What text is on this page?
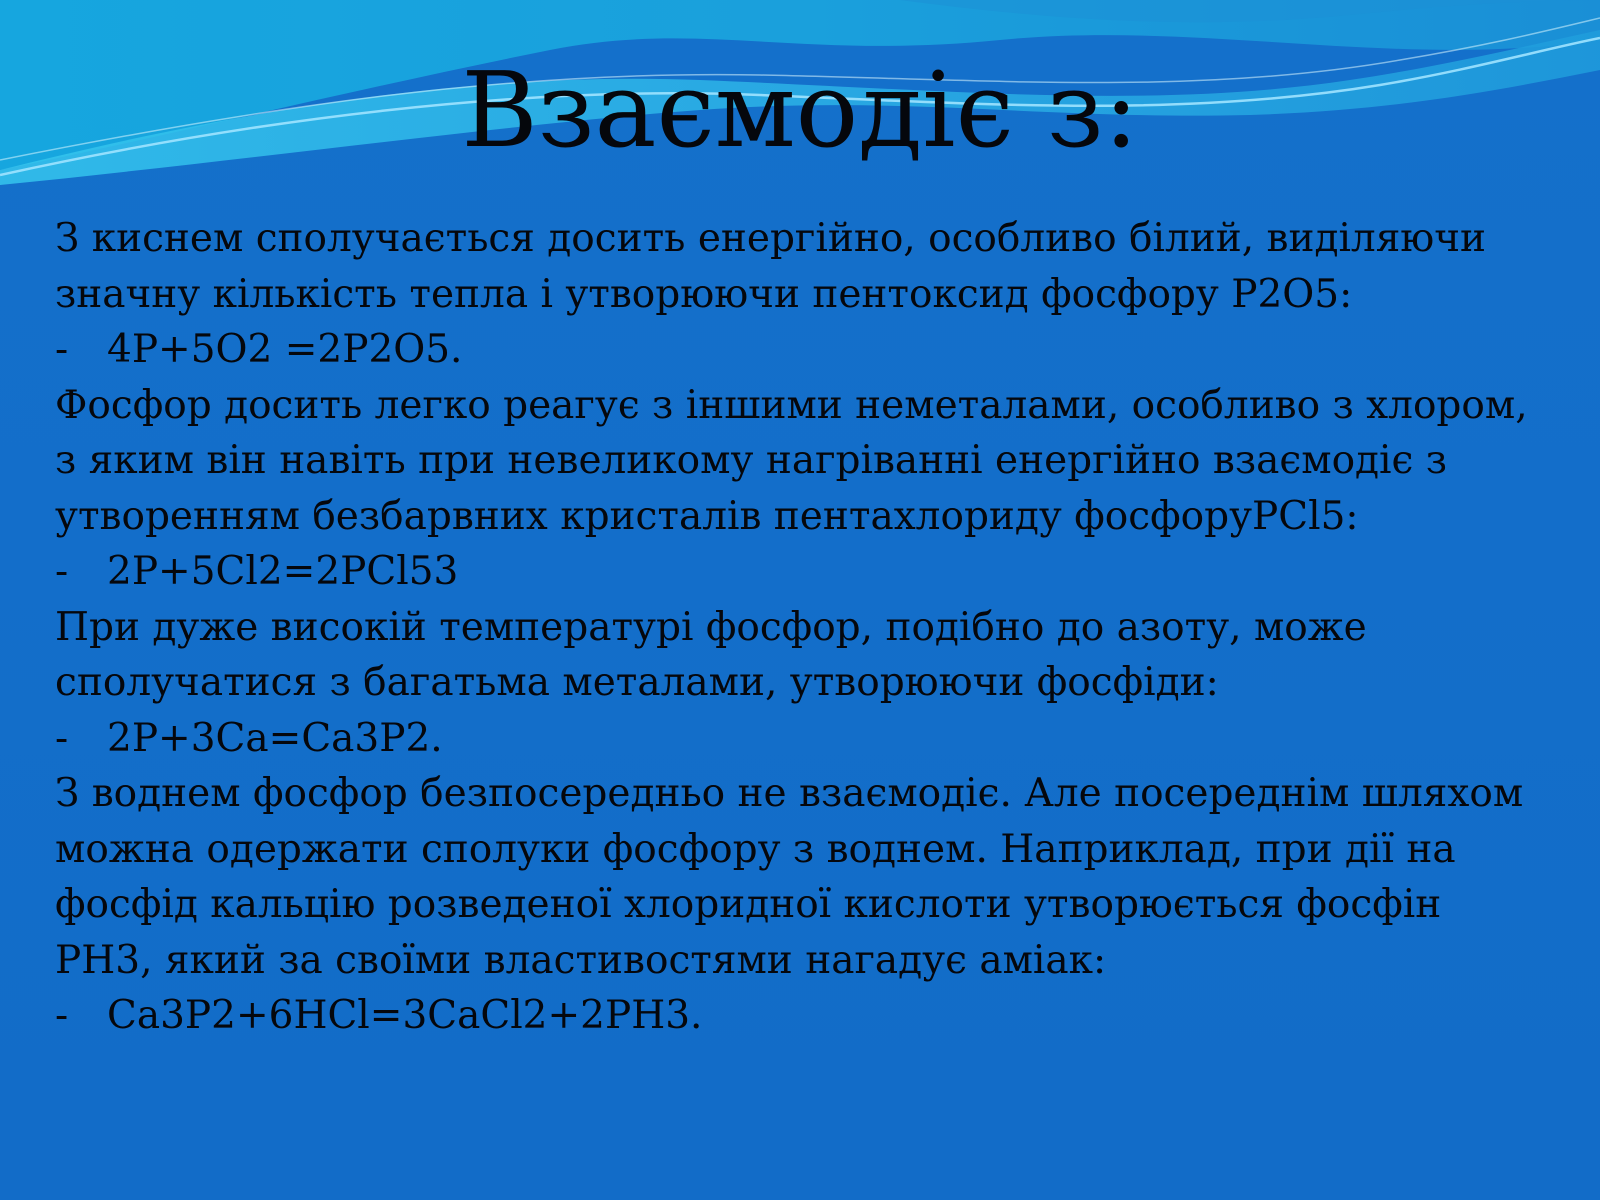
Взаємодіє з:
З киснем сполучається досить енергійно, особливо білий, виділяючи
значну кількість тепла і утворюючи пентоксид фосфору P2O5:
- 4P+5O2 =2P2O5.
Фосфор досить легко реагує з іншими неметалами, особливо з хлором,
з яким він навіть при невеликому нагріванні енергійно взаємодіє з
утворенням безбарвних кристалів пентахлориду фосфоруPCl5:
- 2P+5Cl2=2PCl53
При дуже високій температурі фосфор, подібно до азоту, може
сполучатися з багатьма металами, утворюючи фосфіди:
- 2P+3Ca=Ca3P2.
З воднем фосфор безпосередньо не взаємодіє. Але посереднім шляхом
можна одержати сполуки фосфору з воднем. Наприклад, при дії на
фосфід кальцію розведеної хлоридної кислоти утворюється фосфін
PH3, який за своїми властивостями нагадує аміак:
- Ca3P2+6HCl=3CaCl2+2PH3.
